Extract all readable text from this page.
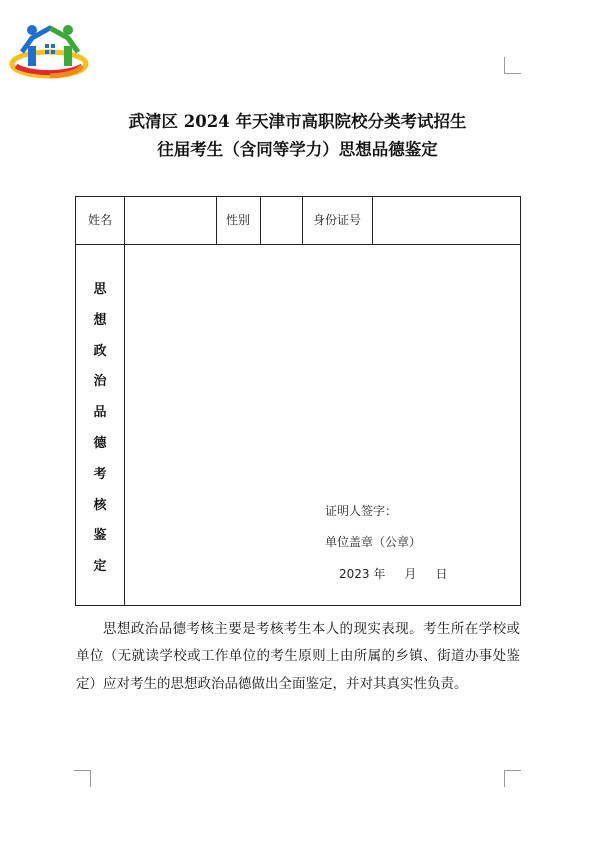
武清区 2024 年天津市高职院校分类考试招生
往届考生（含同等学力）思想品德鉴定
姓名	性别	身份证号
思
想
政
治
品
德
考
核
鉴
定
证明人签字：
单位盖章（公章）
2023 年     月     日
思想政治品德考核主要是考核考生本人的现实表现。考生所在学校或单位（无就读学校或工作单位的考生原则上由所属的乡镇、街道办事处鉴定）应对考生的思想政治品德做出全面鉴定，并对其真实性负责。
